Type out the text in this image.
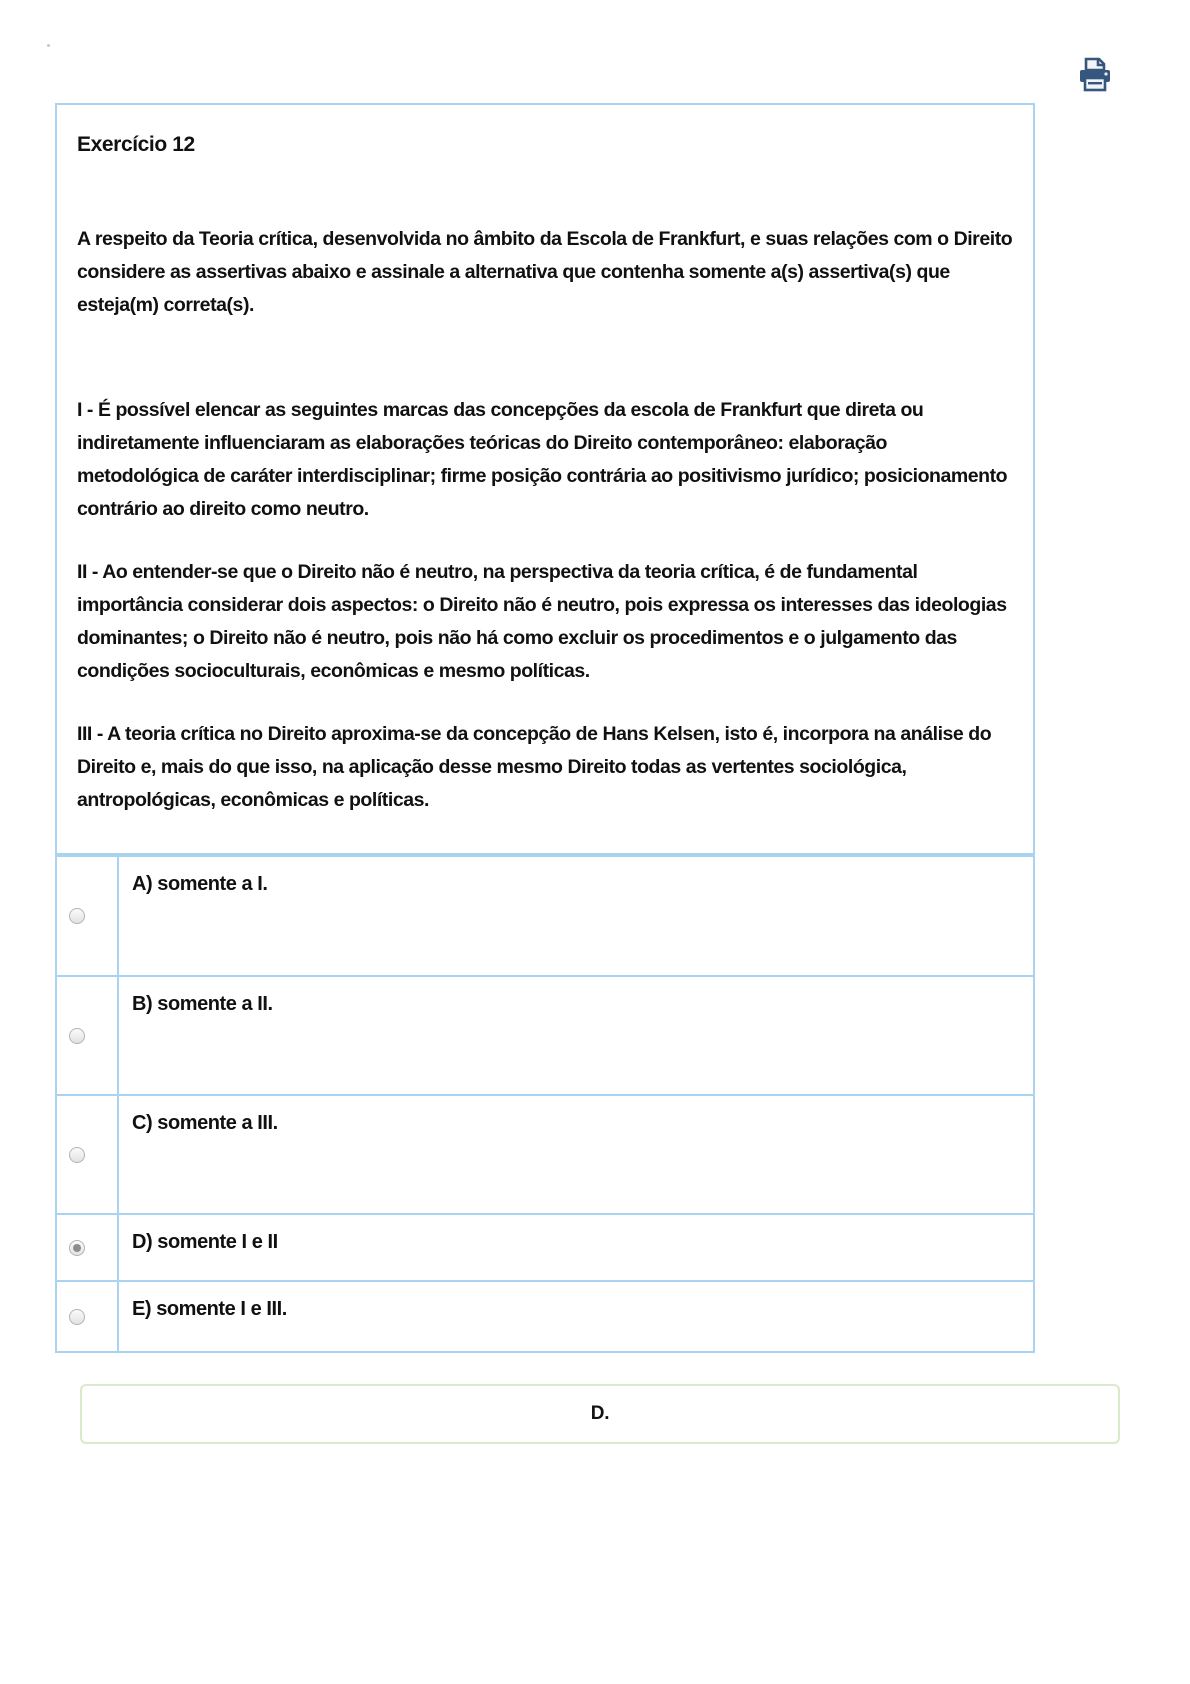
Exercício 12

A respeito da Teoria crítica, desenvolvida no âmbito da Escola de Frankfurt, e suas relações com o Direito considere as assertivas abaixo e assinale a alternativa que contenha somente a(s) assertiva(s) que esteja(m) correta(s).

I - É possível elencar as seguintes marcas das concepções da escola de Frankfurt que direta ou indiretamente influenciaram as elaborações teóricas do Direito contemporâneo: elaboração metodológica de caráter interdisciplinar; firme posição contrária ao positivismo jurídico; posicionamento contrário ao direito como neutro.

II - Ao entender-se que o Direito não é neutro, na perspectiva da teoria crítica, é de fundamental importância considerar dois aspectos: o Direito não é neutro, pois expressa os interesses das ideologias dominantes; o Direito não é neutro, pois não há como excluir os procedimentos e o julgamento das condições socioculturais, econômicas e mesmo políticas.

III - A teoria crítica no Direito aproxima-se da concepção de Hans Kelsen, isto é, incorpora na análise do Direito e, mais do que isso, na aplicação desse mesmo Direito todas as vertentes sociológica, antropológicas, econômicas e políticas.

A) somente a I.
B) somente a II.
C) somente a III.
D) somente I e II
E) somente I e III.
D.
